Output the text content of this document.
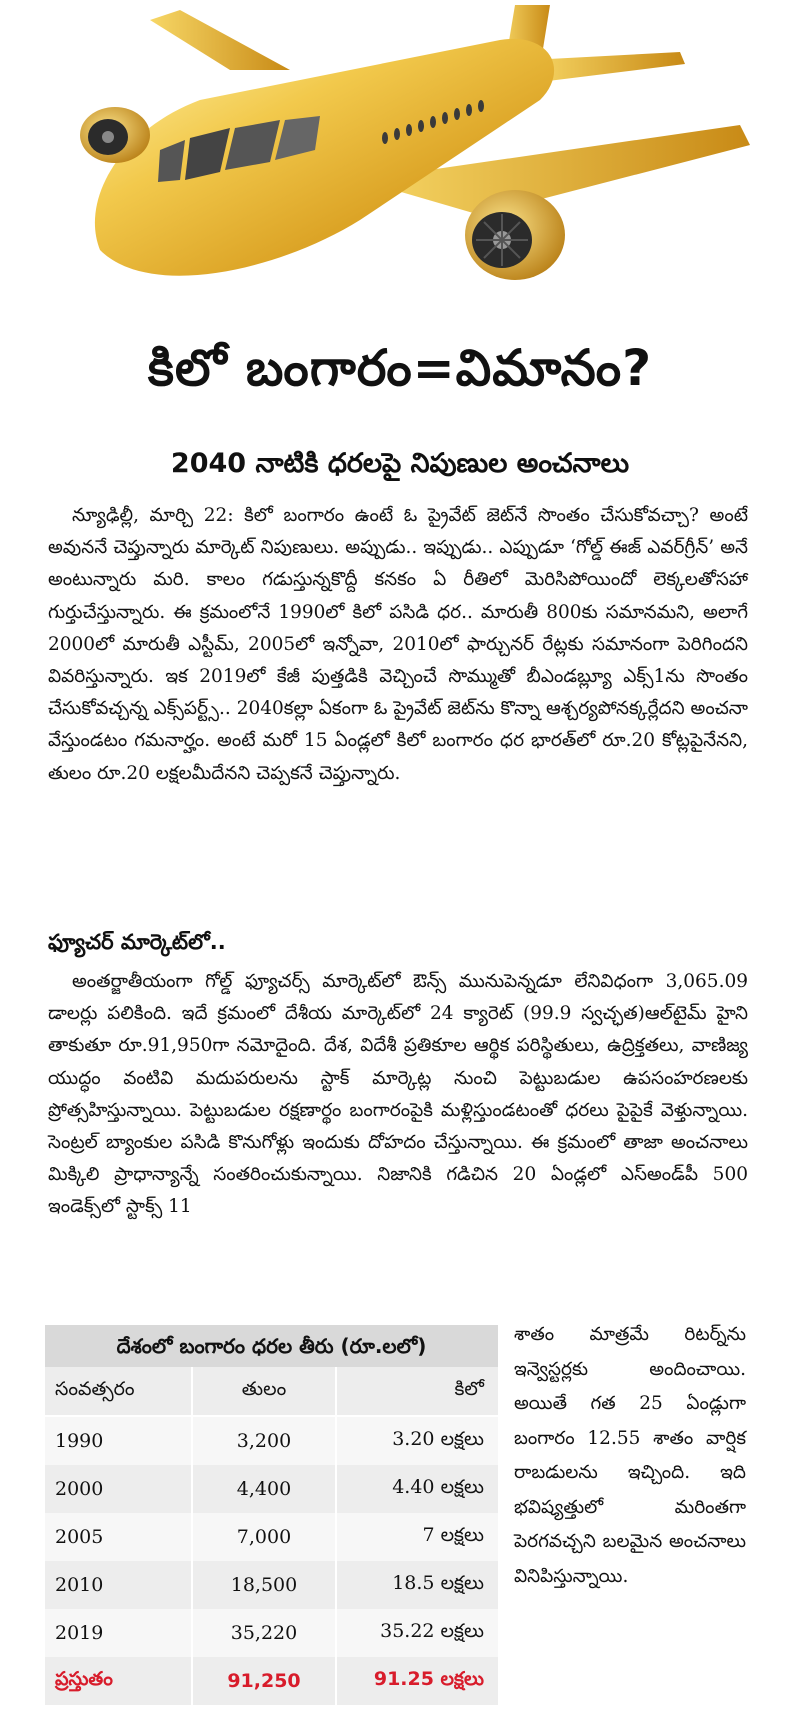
కిలో బంగారం=విమానం?
2040 నాటికి ధరలపై నిపుణుల అంచనాలు

న్యూఢిల్లీ, మార్చి 22: కిలో బంగారం ఉంటే ఓ ప్రైవేట్ జెట్‌నే సొంతం చేసుకోవచ్చా? అంటే అవుననే చెప్తున్నారు మార్కెట్ నిపుణులు. అప్పుడు.. ఇప్పుడు.. ఎప్పుడూ ‘గోల్డ్ ఈజ్ ఎవర్‌గ్రీన్’ అనే అంటున్నారు మరి. కాలం గడుస్తున్నకొద్దీ కనకం ఏ రీతిలో మెరిసిపోయిందో లెక్కలతోసహా గుర్తుచేస్తున్నారు. ఈ క్రమంలోనే 1990లో కిలో పసిడి ధర.. మారుతీ 800కు సమానమని, అలాగే 2000లో మారుతీ ఎస్టీమ్, 2005లో ఇన్నోవా, 2010లో ఫార్చునర్ రేట్లకు సమానంగా పెరిగిందని వివరిస్తున్నారు. ఇక 2019లో కేజీ పుత్తడికి వెచ్చించే సొమ్ముతో బీఎండబ్ల్యూ ఎక్స్1ను సొంతం చేసుకోవచ్చన్న ఎక్స్‌పర్ట్స్.. 2040కల్లా ఏకంగా ఓ ప్రైవేట్ జెట్‌ను కొన్నా ఆశ్చర్యపోనక్కర్లేదని అంచనా వేస్తుండటం గమనార్హం. అంటే మరో 15 ఏండ్లలో కిలో బంగారం ధర భారత్‌లో రూ.20 కోట్లపైనేనని, తులం రూ.20 లక్షలమీదేనని చెప్పకనే చెప్తున్నారు.

ఫ్యూచర్ మార్కెట్‌లో..

అంతర్జాతీయంగా గోల్డ్ ఫ్యూచర్స్ మార్కెట్‌లో ఔన్స్ మునుపెన్నడూ లేనివిధంగా 3,065.09 డాలర్లు పలికింది. ఇదే క్రమంలో దేశీయ మార్కెట్‌లో 24 క్యారెట్ (99.9 స్వచ్ఛత)ఆల్‌టైమ్ హైని తాకుతూ రూ.91,950గా నమోదైంది. దేశ, విదేశీ ప్రతికూల ఆర్థిక పరిస్థితులు, ఉద్రిక్తతలు, వాణిజ్య యుద్ధం వంటివి మదుపరులను స్టాక్ మార్కెట్ల నుంచి పెట్టుబడుల ఉపసంహరణలకు ప్రోత్సహిస్తున్నాయి. పెట్టుబడుల రక్షణార్థం బంగారంపైకి మళ్లిస్తుండటంతో ధరలు పైపైకే వెళ్తున్నాయి. సెంట్రల్ బ్యాంకుల పసిడి కొనుగోళ్లు ఇందుకు దోహదం చేస్తున్నాయి. ఈ క్రమంలో తాజా అంచనాలు మిక్కిలి ప్రాధాన్యాన్నే సంతరించుకున్నాయి. నిజానికి గడిచిన 20 ఏండ్లలో ఎస్‌అండ్‌పీ 500 ఇండెక్స్‌లో స్టాక్స్ 11

దేశంలో బంగారం ధరల తీరు (రూ.లలో)
సంవత్సరం	తులం	కిలో
1990	3,200	3.20 లక్షలు
2000	4,400	4.40 లక్షలు
2005	7,000	7 లక్షలు
2010	18,500	18.5 లక్షలు
2019	35,220	35.22 లక్షలు
ప్రస్తుతం	91,250	91.25 లక్షలు

శాతం మాత్రమే రిటర్న్‌ను ఇన్వెస్టర్లకు అందించాయి. అయితే గత 25 ఏండ్లుగా బంగారం 12.55 శాతం వార్షిక రాబడులను ఇచ్చింది. ఇది భవిష్యత్తులో మరింతగా పెరగవచ్చని బలమైన అంచనాలు వినిపిస్తున్నాయి.
